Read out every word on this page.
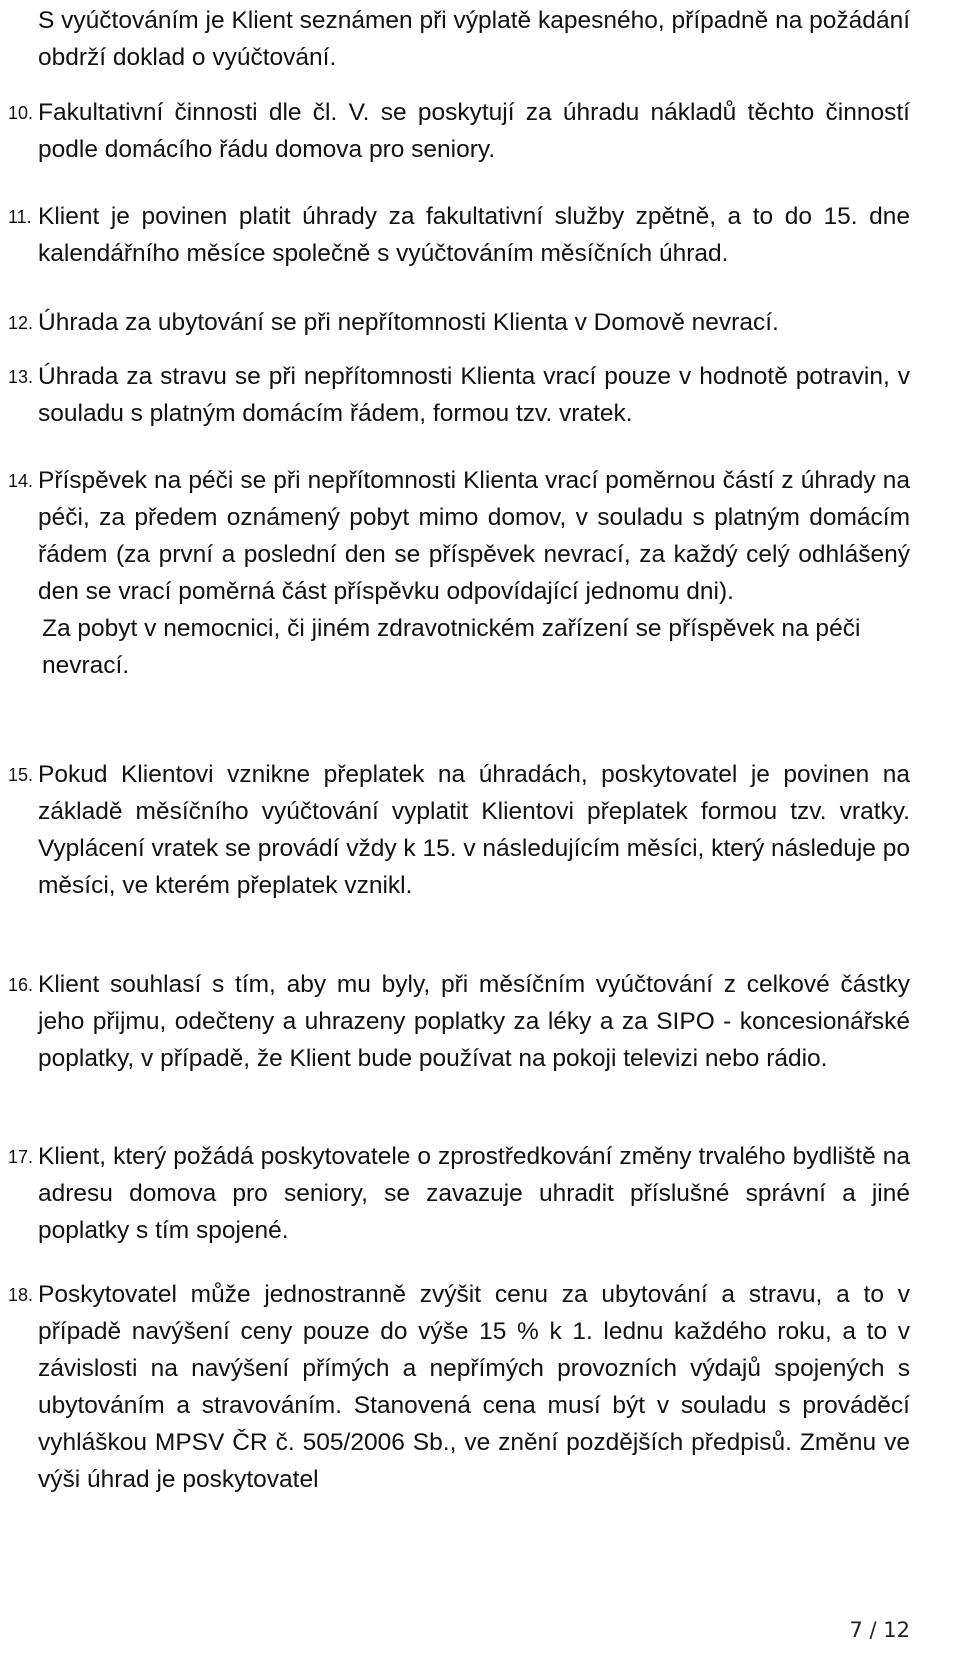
S vyúčtováním je Klient seznámen při výplatě kapesného, případně na požádání obdrží doklad o vyúčtování.

10. Fakultativní činnosti dle čl. V. se poskytují za úhradu nákladů těchto činností podle domácího řádu domova pro seniory.

11. Klient je povinen platit úhrady za fakultativní služby zpětně, a to do 15. dne kalendářního měsíce společně s vyúčtováním měsíčních úhrad.

12. Úhrada za ubytování se při nepřítomnosti Klienta v Domově nevrací.

13. Úhrada za stravu se při nepřítomnosti Klienta vrací pouze v hodnotě potravin, v souladu s platným domácím řádem, formou tzv. vratek.

14. Příspěvek na péči se při nepřítomnosti Klienta vrací poměrnou částí z úhrady na péči, za předem oznámený pobyt mimo domov, v souladu s platným domácím řádem (za první a poslední den se příspěvek nevrací, za každý celý odhlášený den se vrací poměrná část příspěvku odpovídající jednomu dni).

Za pobyt v nemocnici, či jiném zdravotnickém zařízení se příspěvek na péči nevrací.

15. Pokud Klientovi vznikne přeplatek na úhradách, poskytovatel je povinen na základě měsíčního vyúčtování vyplatit Klientovi přeplatek formou tzv. vratky. Vyplácení vratek se provádí vždy k 15. v následujícím měsíci, který následuje po měsíci, ve kterém přeplatek vznikl.

16. Klient souhlasí s tím, aby mu byly, při měsíčním vyúčtování z celkové částky jeho přijmu, odečteny a uhrazeny poplatky za léky a za SIPO - koncesionářské poplatky, v případě, že Klient bude používat na pokoji televizi nebo rádio.

17. Klient, který požádá poskytovatele o zprostředkování změny trvalého bydliště na adresu domova pro seniory, se zavazuje uhradit příslušné správní a jiné poplatky s tím spojené.

18. Poskytovatel může jednostranně zvýšit cenu za ubytování a stravu, a to v případě navýšení ceny pouze do výše 15 % k 1. lednu každého roku, a to v závislosti na navýšení přímých a nepřímých provozních výdajů spojených s ubytováním a stravováním. Stanovená cena musí být v souladu s prováděcí vyhláškou MPSV ČR č. 505/2006 Sb., ve znění pozdějších předpisů. Změnu ve výši úhrad je poskytovatel

7 / 12
